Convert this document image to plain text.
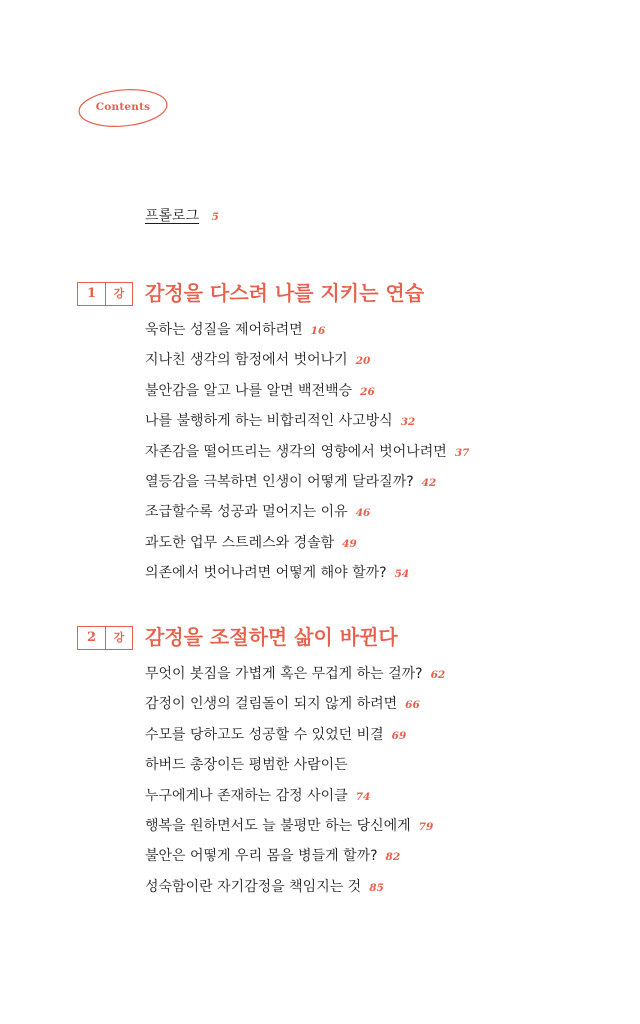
Contents
프롤로그 5
1	강	감정을 다스려 나를 지키는 연습
욱하는 성질을 제어하려면 16
지나친 생각의 함정에서 벗어나기 20
불안감을 알고 나를 알면 백전백승 26
나를 불행하게 하는 비합리적인 사고방식 32
자존감을 떨어뜨리는 생각의 영향에서 벗어나려면 37
열등감을 극복하면 인생이 어떻게 달라질까? 42
조급할수록 성공과 멀어지는 이유 46
과도한 업무 스트레스와 경솔함 49
의존에서 벗어나려면 어떻게 해야 할까? 54
2	강	감정을 조절하면 삶이 바뀐다
무엇이 봇짐을 가볍게 혹은 무겁게 하는 걸까? 62
감정이 인생의 걸림돌이 되지 않게 하려면 66
수모를 당하고도 성공할 수 있었던 비결 69
하버드 총장이든 평범한 사람이든
누구에게나 존재하는 감정 사이클 74
행복을 원하면서도 늘 불평만 하는 당신에게 79
불안은 어떻게 우리 몸을 병들게 할까? 82
성숙함이란 자기감정을 책임지는 것 85
